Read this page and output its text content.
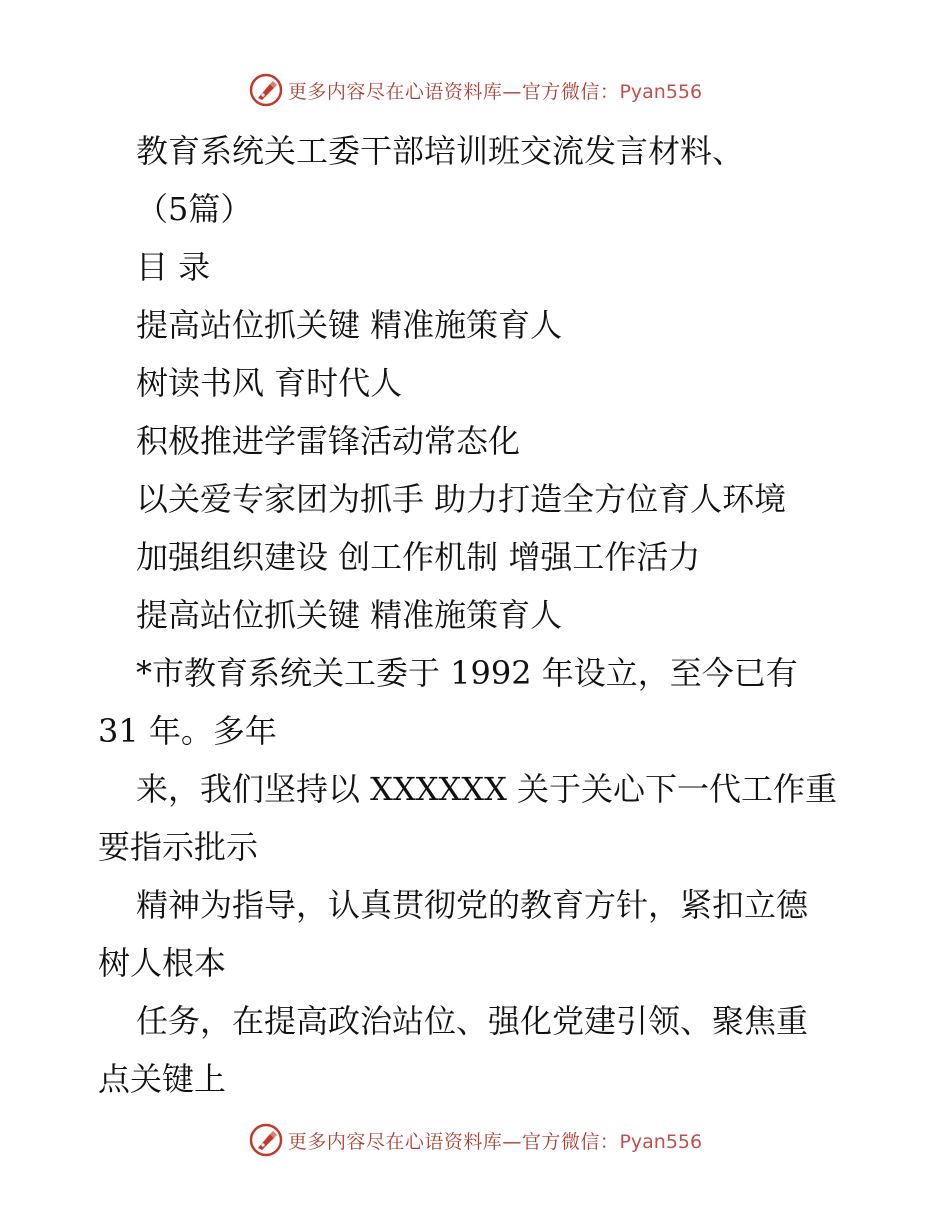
更多内容尽在心语资料库—官方微信：Pyan556
教育系统关工委干部培训班交流发言材料、
（5篇）
目 录
提高站位抓关键 精准施策育人
树读书风 育时代人
积极推进学雷锋活动常态化
以关爱专家团为抓手 助力打造全方位育人环境
加强组织建设 创工作机制 增强工作活力
提高站位抓关键 精准施策育人
*市教育系统关工委于 1992 年设立，至今已有
31 年。多年
来，我们坚持以 XXXXXX 关于关心下一代工作重
要指示批示
精神为指导，认真贯彻党的教育方针，紧扣立德
树人根本
任务，在提高政治站位、强化党建引领、聚焦重
点关键上
更多内容尽在心语资料库—官方微信：Pyan556
